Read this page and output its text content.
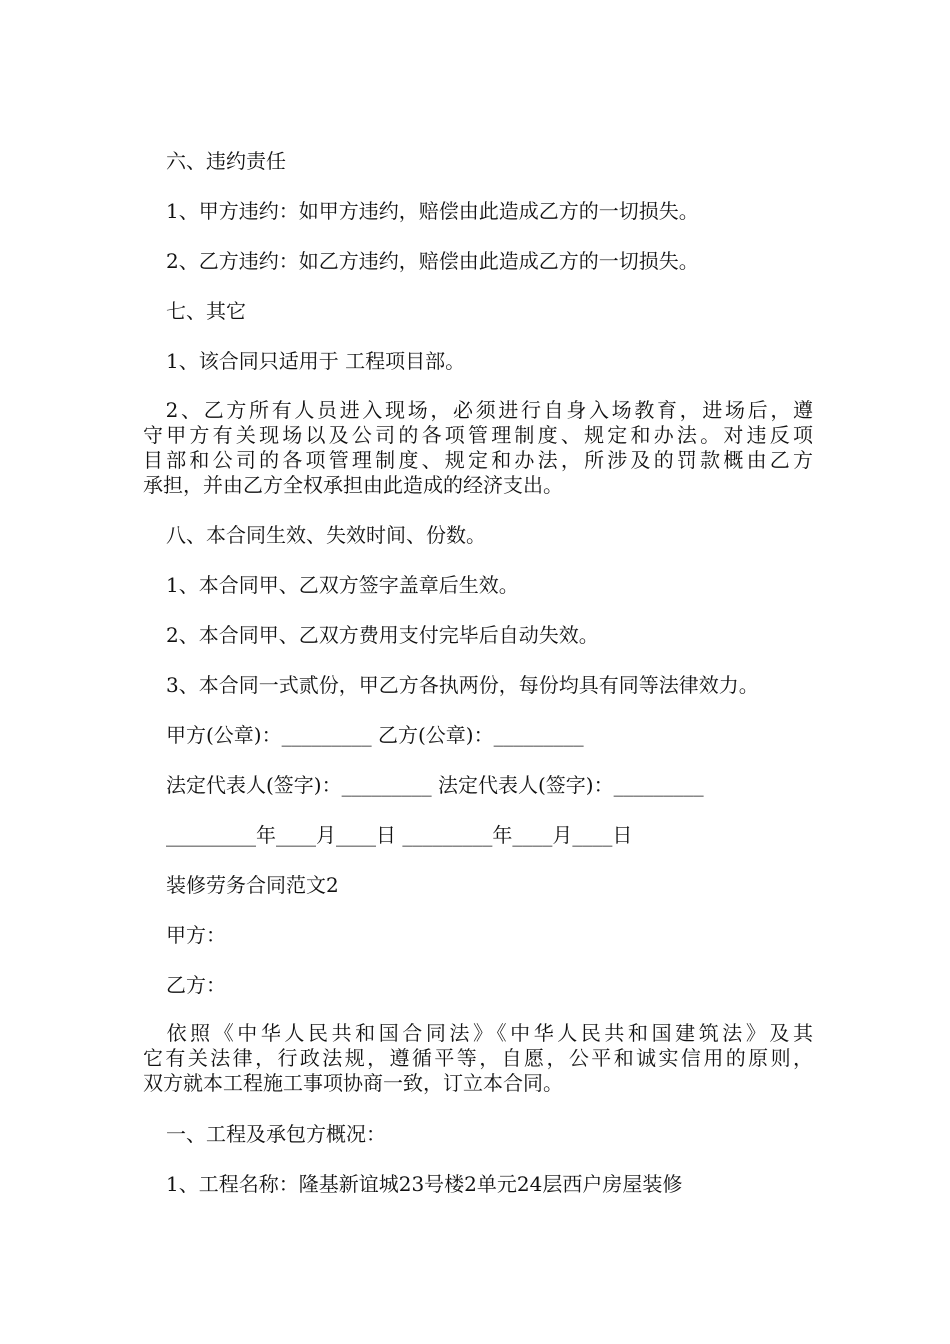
六、违约责任
1、甲方违约：如甲方违约，赔偿由此造成乙方的一切损失。
2、乙方违约：如乙方违约，赔偿由此造成乙方的一切损失。
七、其它
1、该合同只适用于 工程项目部。
　2、乙方所有人员进入现场，必须进行自身入场教育，进场后，遵
守甲方有关现场以及公司的各项管理制度、规定和办法。对违反项
目部和公司的各项管理制度、规定和办法，所涉及的罚款概由乙方
承担，并由乙方全权承担由此造成的经济支出。
八、本合同生效、失效时间、份数。
1、本合同甲、乙双方签字盖章后生效。
2、本合同甲、乙双方费用支付完毕后自动失效。
3、本合同一式贰份，甲乙方各执两份，每份均具有同等法律效力。
甲方(公章)：_________ 乙方(公章)：_________
法定代表人(签字)：_________ 法定代表人(签字)：_________
_________年____月____日 _________年____月____日
装修劳务合同范文2
甲方：
乙方：
　依照《中华人民共和国合同法》《中华人民共和国建筑法》及其
它有关法律，行政法规，遵循平等，自愿，公平和诚实信用的原则，
双方就本工程施工事项协商一致，订立本合同。
一、工程及承包方概况：
1、工程名称：隆基新谊城23号楼2单元24层西户房屋装修
